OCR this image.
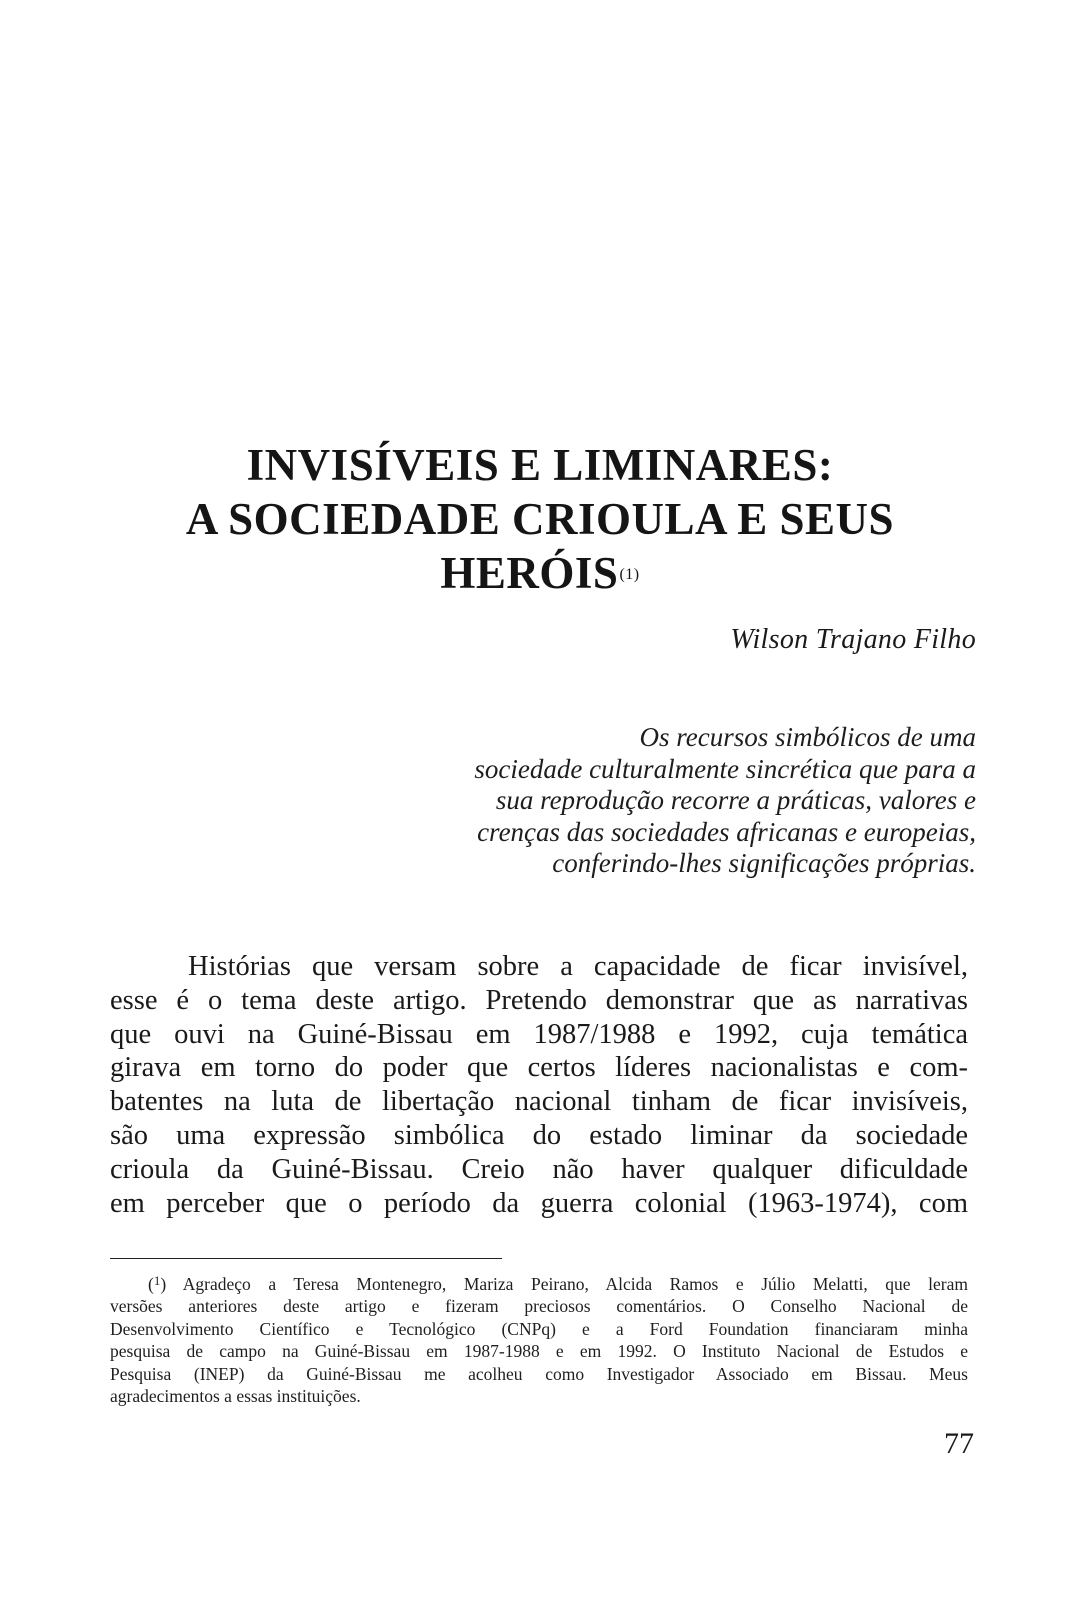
INVISÍVEIS E LIMINARES:
A SOCIEDADE CRIOULA E SEUS
HERÓIS$^{(1)}$

Wilson Trajano Filho

Os recursos simbólicos de uma
sociedade culturalmente sincrética que para a
sua reprodução recorre a práticas, valores e
crenças das sociedades africanas e europeias,
conferindo-lhes significações próprias.

Histórias que versam sobre a capacidade de ficar invisível,
esse é o tema deste artigo. Pretendo demonstrar que as narrativas
que ouvi na Guiné-Bissau em 1987/1988 e 1992, cuja temática
girava em torno do poder que certos líderes nacionalistas e com-
batentes na luta de libertação nacional tinham de ficar invisíveis,
são uma expressão simbólica do estado liminar da sociedade
crioula da Guiné-Bissau. Creio não haver qualquer dificuldade
em perceber que o período da guerra colonial (1963-1974), com

($^1$) Agradeço a Teresa Montenegro, Mariza Peirano, Alcida Ramos e Júlio Melatti, que leram
versões anteriores deste artigo e fizeram preciosos comentários. O Conselho Nacional de
Desenvolvimento Científico e Tecnológico (CNPq) e a Ford Foundation financiaram minha
pesquisa de campo na Guiné-Bissau em 1987-1988 e em 1992. O Instituto Nacional de Estudos e
Pesquisa (INEP) da Guiné-Bissau me acolheu como Investigador Associado em Bissau. Meus
agradecimentos a essas instituições.

77
